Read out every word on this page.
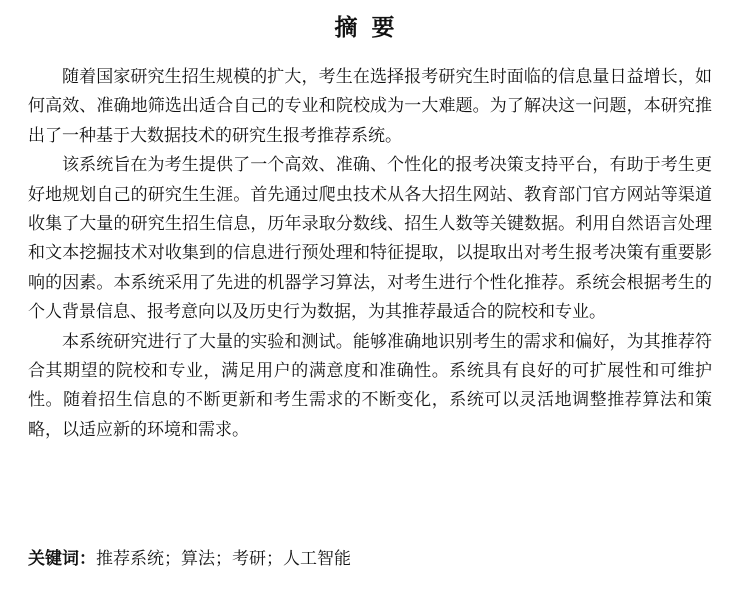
摘要

随着国家研究生招生规模的扩大，考生在选择报考研究生时面临的信息量日益增长，如何高效、准确地筛选出适合自己的专业和院校成为一大难题。为了解决这一问题，本研究推出了一种基于大数据技术的研究生报考推荐系统。

该系统旨在为考生提供了一个高效、准确、个性化的报考决策支持平台，有助于考生更好地规划自己的研究生生涯。首先通过爬虫技术从各大招生网站、教育部门官方网站等渠道收集了大量的研究生招生信息，历年录取分数线、招生人数等关键数据。利用自然语言处理和文本挖掘技术对收集到的信息进行预处理和特征提取，以提取出对考生报考决策有重要影响的因素。本系统采用了先进的机器学习算法，对考生进行个性化推荐。系统会根据考生的个人背景信息、报考意向以及历史行为数据，为其推荐最适合的院校和专业。

本系统研究进行了大量的实验和测试。能够准确地识别考生的需求和偏好，为其推荐符合其期望的院校和专业，满足用户的满意度和准确性。系统具有良好的可扩展性和可维护性。随着招生信息的不断更新和考生需求的不断变化，系统可以灵活地调整推荐算法和策略，以适应新的环境和需求。

关键词：推荐系统；算法；考研；人工智能
